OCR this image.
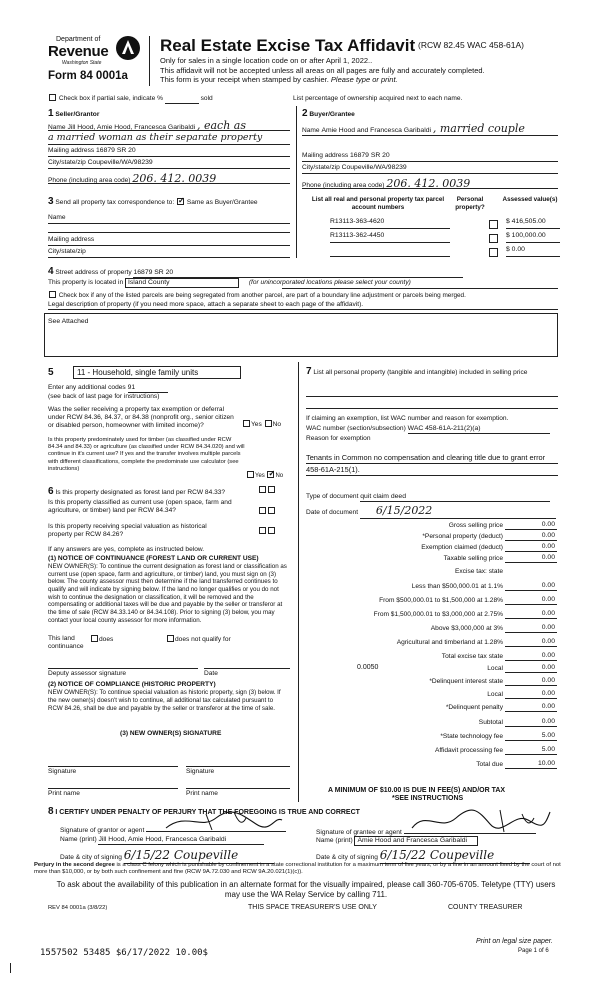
Department of
Revenue
Washington State
Form 84 0001a
Real Estate Excise Tax Affidavit (RCW 82.45 WAC 458-61A)
Only for sales in a single location code on or after April 1, 2022..
This affidavit will not be accepted unless all areas on all pages are fully and accurately completed.
This form is your receipt when stamped by cashier. Please type or print.
Check box if partial sale, indicate %	sold	List percentage of ownership acquired next to each name.
1 Seller/Grantor
Name Jill Hood, Amie Hood, Francesca Garibaldi , each as
a married woman as their separate property
Mailing address 16879 SR 20
City/state/zip Coupeville/WA/98239
Phone (including area code) 206. 412. 0039
2 Buyer/Grantee
Name Amie Hood and Francesca Garibaldi , married couple
Mailing address 16879 SR 20
City/state/zip Coupeville/WA/98239
Phone (including area code) 206. 412. 0039
3 Send all property tax correspondence to: ✓ Same as Buyer/Grantee
Name
Mailing address
City/state/zip
List all real and personal property tax parcel account numbers
Personal property?
Assessed value(s)
R13113-363-4620	$ 416,505.00
R13113-362-4450	$ 100,000.00
$ 0.00
4 Street address of property 16879 SR 20
This property is located in Island County	(for unincorporated locations please select your county)
Check box if any of the listed parcels are being segregated from another parcel, are part of a boundary line adjustment or parcels being merged.
Legal description of property (if you need more space, attach a separate sheet to each page of the affidavit).
See Attached
5	11 - Household, single family units
Enter any additional codes 91
(see back of last page for instructions)
Was the seller receiving a property tax exemption or deferral under RCW 84.36, 84.37, or 84.38 (nonprofit org., senior citizen or disabled person, homeowner with limited income)?	Yes No
Is this property predominately used for timber (as classified under RCW 84.34 and 84.33) or agriculture (as classified under RCW 84.34.020) and will continue in it's current use? If yes and the transfer involves multiple parcels with different classifications, complete the predominate use calculator (see instructions)
Yes ✓ No
6 Is this property designated as forest land per RCW 84.33?
Is this property classified as current use (open space, farm and agriculture, or timber) land per RCW 84.34?
Is this property receiving special valuation as historical property per RCW 84.26?
If any answers are yes, complete as instructed below.
(1) NOTICE OF CONTINUANCE (FOREST LAND OR CURRENT USE)
NEW OWNER(S): To continue the current designation as forest land or classification as current use (open space, farm and agriculture, or timber) land, you must sign on (3) below. The county assessor must then determine if the land transferred continues to qualify and will indicate by signing below. If the land no longer qualifies or you do not wish to continue the designation or classification, it will be removed and the compensating or additional taxes will be due and payable by the seller or transferor at the time of sale (RCW 84.33.140 or 84.34.108). Prior to signing (3) below, you may contact your local county assessor for more information.
This land	does	does not qualify for
continuance
Deputy assessor signature	Date
(2) NOTICE OF COMPLIANCE (HISTORIC PROPERTY)
NEW OWNER(S): To continue special valuation as historic property, sign (3) below. If the new owner(s) doesn't wish to continue, all additional tax calculated pursuant to RCW 84.26, shall be due and payable by the seller or transferor at the time of sale.
(3) NEW OWNER(S) SIGNATURE
Signature	Signature
Print name	Print name
7 List all personal property (tangible and intangible) included in selling price
If claiming an exemption, list WAC number and reason for exemption.
WAC number (section/subsection) WAC 458-61A-211(2)(a)
Reason for exemption
Tenants in Common no compensation and clearing title due to grant error 458-61A-215(1).
Type of document quit claim deed
Date of document 6/15/2022
Gross selling price	0.00
*Personal property (deduct)	0.00
Exemption claimed (deduct)	0.00
Taxable selling price	0.00
Excise tax: state
Less than $500,000.01 at 1.1%	0.00
From $500,000.01 to $1,500,000 at 1.28%	0.00
From $1,500,000.01 to $3,000,000 at 2.75%	0.00
Above $3,000,000 at 3%	0.00
Agricultural and timberland at 1.28%	0.00
Total excise tax state	0.00
0.0050	Local	0.00
*Delinquent interest state	0.00
Local	0.00
*Delinquent penalty	0.00
Subtotal	0.00
*State technology fee	5.00
Affidavit processing fee	5.00
Total due	10.00
A MINIMUM OF $10.00 IS DUE IN FEE(S) AND/OR TAX
*SEE INSTRUCTIONS
8 I CERTIFY UNDER PENALTY OF PERJURY THAT THE FOREGOING IS TRUE AND CORRECT
Signature of grantor or agent
Name (print) Jill Hood, Amie Hood, Francesca Garibaldi
Date & city of signing 6/15/22 Coupeville
Signature of grantee or agent
Name (print) Amie Hood and Francesca Garibaldi
Date & city of signing 6/15/22 Coupeville
Perjury in the second degree is a class C felony which is punishable by confinement in a state correctional institution for a maximum term of five years, or by a fine in an amount fixed by the court of not more than $10,000, or by both such confinement and fine (RCW 9A.72.030 and RCW 9A.20.021(1)(c)).
To ask about the availability of this publication in an alternate format for the visually impaired, please call 360-705-6705. Teletype (TTY) users may use the WA Relay Service by calling 711.
REV 84 0001a (3/8/22)	THIS SPACE TREASURER'S USE ONLY	COUNTY TREASURER
Print on legal size paper.
Page 1 of 6
1557502 53485 $6/17/2022 10.00$
